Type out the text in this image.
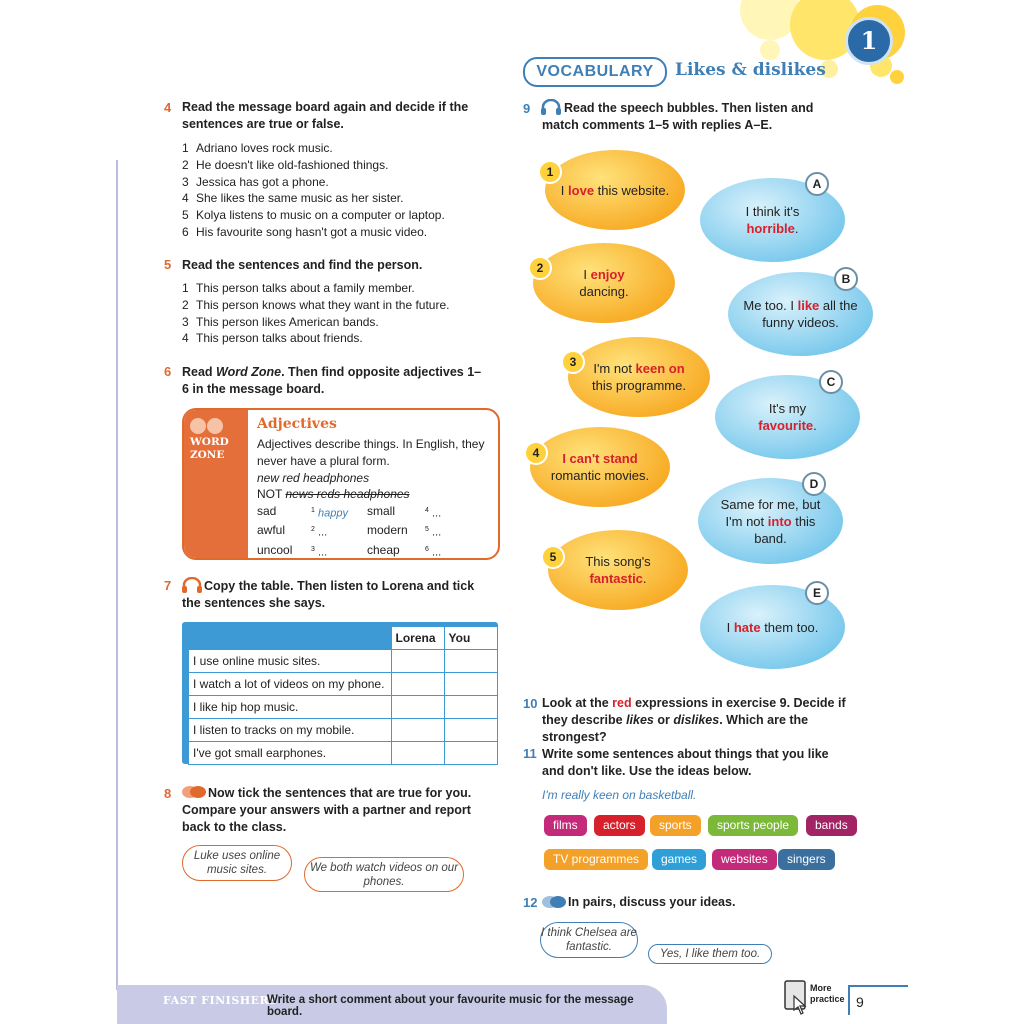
1
VOCABULARY	Likes & dislikes
4 Read the message board again and decide if the sentences are true or false.
1 Adriano loves rock music.
2 He doesn't like old-fashioned things.
3 Jessica has got a phone.
4 She likes the same music as her sister.
5 Kolya listens to music on a computer or laptop.
6 His favourite song hasn't got a music video.
5 Read the sentences and find the person.
1 This person talks about a family member.
2 This person knows what they want in the future.
3 This person likes American bands.
4 This person talks about friends.
6 Read Word Zone. Then find opposite adjectives 1–6 in the message board.
WORD
ZONE
Adjectives
Adjectives describe things. In English, they never have a plural form.
new red headphones
NOT news reds headphones
sad	$^1$ happy	small	$^4$ ...
awful	$^2$ ...	modern	$^5$ ...
uncool	$^3$ ...	cheap	$^6$ ...
7	Copy the table. Then listen to Lorena and tick the sentences she says.
	Lorena	You
I use online music sites.		
I watch a lot of videos on my phone.		
I like hip hop music.		
I listen to tracks on my mobile.		
I've got small earphones.		
8	Now tick the sentences that are true for you. Compare your answers with a partner and report back to the class.
Luke uses online music sites.	We both watch videos on our phones.
9	Read the speech bubbles. Then listen and match comments 1–5 with replies A–E.
I love this website.
1
I enjoy dancing.
2
I'm not keen on this programme.
3
I can't stand romantic movies.
4
This song's fantastic.
5
I think it's horrible.
A
Me too. I like all the funny videos.
B
It's my favourite.
C
Same for me, but I'm not into this band.
D
I hate them too.
E
10 Look at the red expressions in exercise 9. Decide if they describe likes or dislikes. Which are the strongest?
11 Write some sentences about things that you like and don't like. Use the ideas below.
I'm really keen on basketball.
films	actors	sports	sports people	bands
TV programmes	games	websites	singers
12 In pairs, discuss your ideas.
I think Chelsea are fantastic.
Yes, I like them too.
FAST FINISHERS
Write a short comment about your favourite music for the message board.
More
practice 9
